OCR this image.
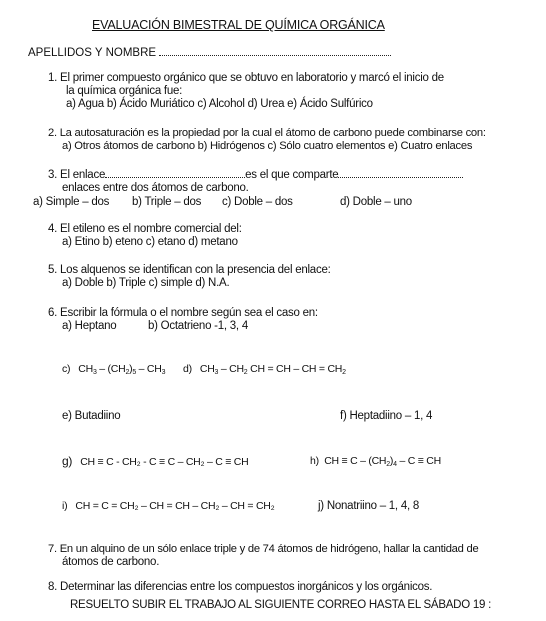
EVALUACIÓN BIMESTRAL DE QUÍMICA ORGÁNICA
APELLIDOS Y NOMBRE
1. El primer compuesto orgánico que se obtuvo en laboratorio y marcó el inicio de
la química orgánica fue:
a) Agua b) Ácido Muriático c) Alcohol d) Urea e) Ácido Sulfúrico
2. La autosaturación es la propiedad por la cual el átomo de carbono puede combinarse con:
a) Otros átomos de carbono b) Hidrógenos c) Sólo cuatro elementos e) Cuatro enlaces
3. El enlace	es el que comparte
enlaces entre dos átomos de carbono.
a) Simple – dos b) Triple – dos c) Doble – dos	d) Doble – uno
4. El etileno es el nombre comercial del:
a) Etino b) eteno c) etano d) metano
5. Los alquenos se identifican con la presencia del enlace:
a) Doble b) Triple c) simple d) N.A.
6. Escribir la fórmula o el nombre según sea el caso en:
a) Heptano	b) Octatrieno -1, 3, 4
c) $CH_3 - (CH_2)_5 - CH_3$ d) $CH_3 - CH_2$ CH = CH – CH = $CH_2$
e) Butadiino	f) Heptadiino – 1, 4
g) CH ≡ C - CH₂ - C ≡ C – CH₂ – C ≡ CH	h) CH ≡ C – $(CH_2)_4$ – C ≡ CH
i) CH = C = CH₂ – CH = CH – CH₂ – CH = CH₂	j) Nonatriino – 1, 4, 8
7. En un alquino de un sólo enlace triple y de 74 átomos de hidrógeno, hallar la cantidad de
átomos de carbono.
8. Determinar las diferencias entre los compuestos inorgánicos y los orgánicos.
RESUELTO SUBIR EL TRABAJO AL SIGUIENTE CORREO HASTA EL SÁBADO 19 :
